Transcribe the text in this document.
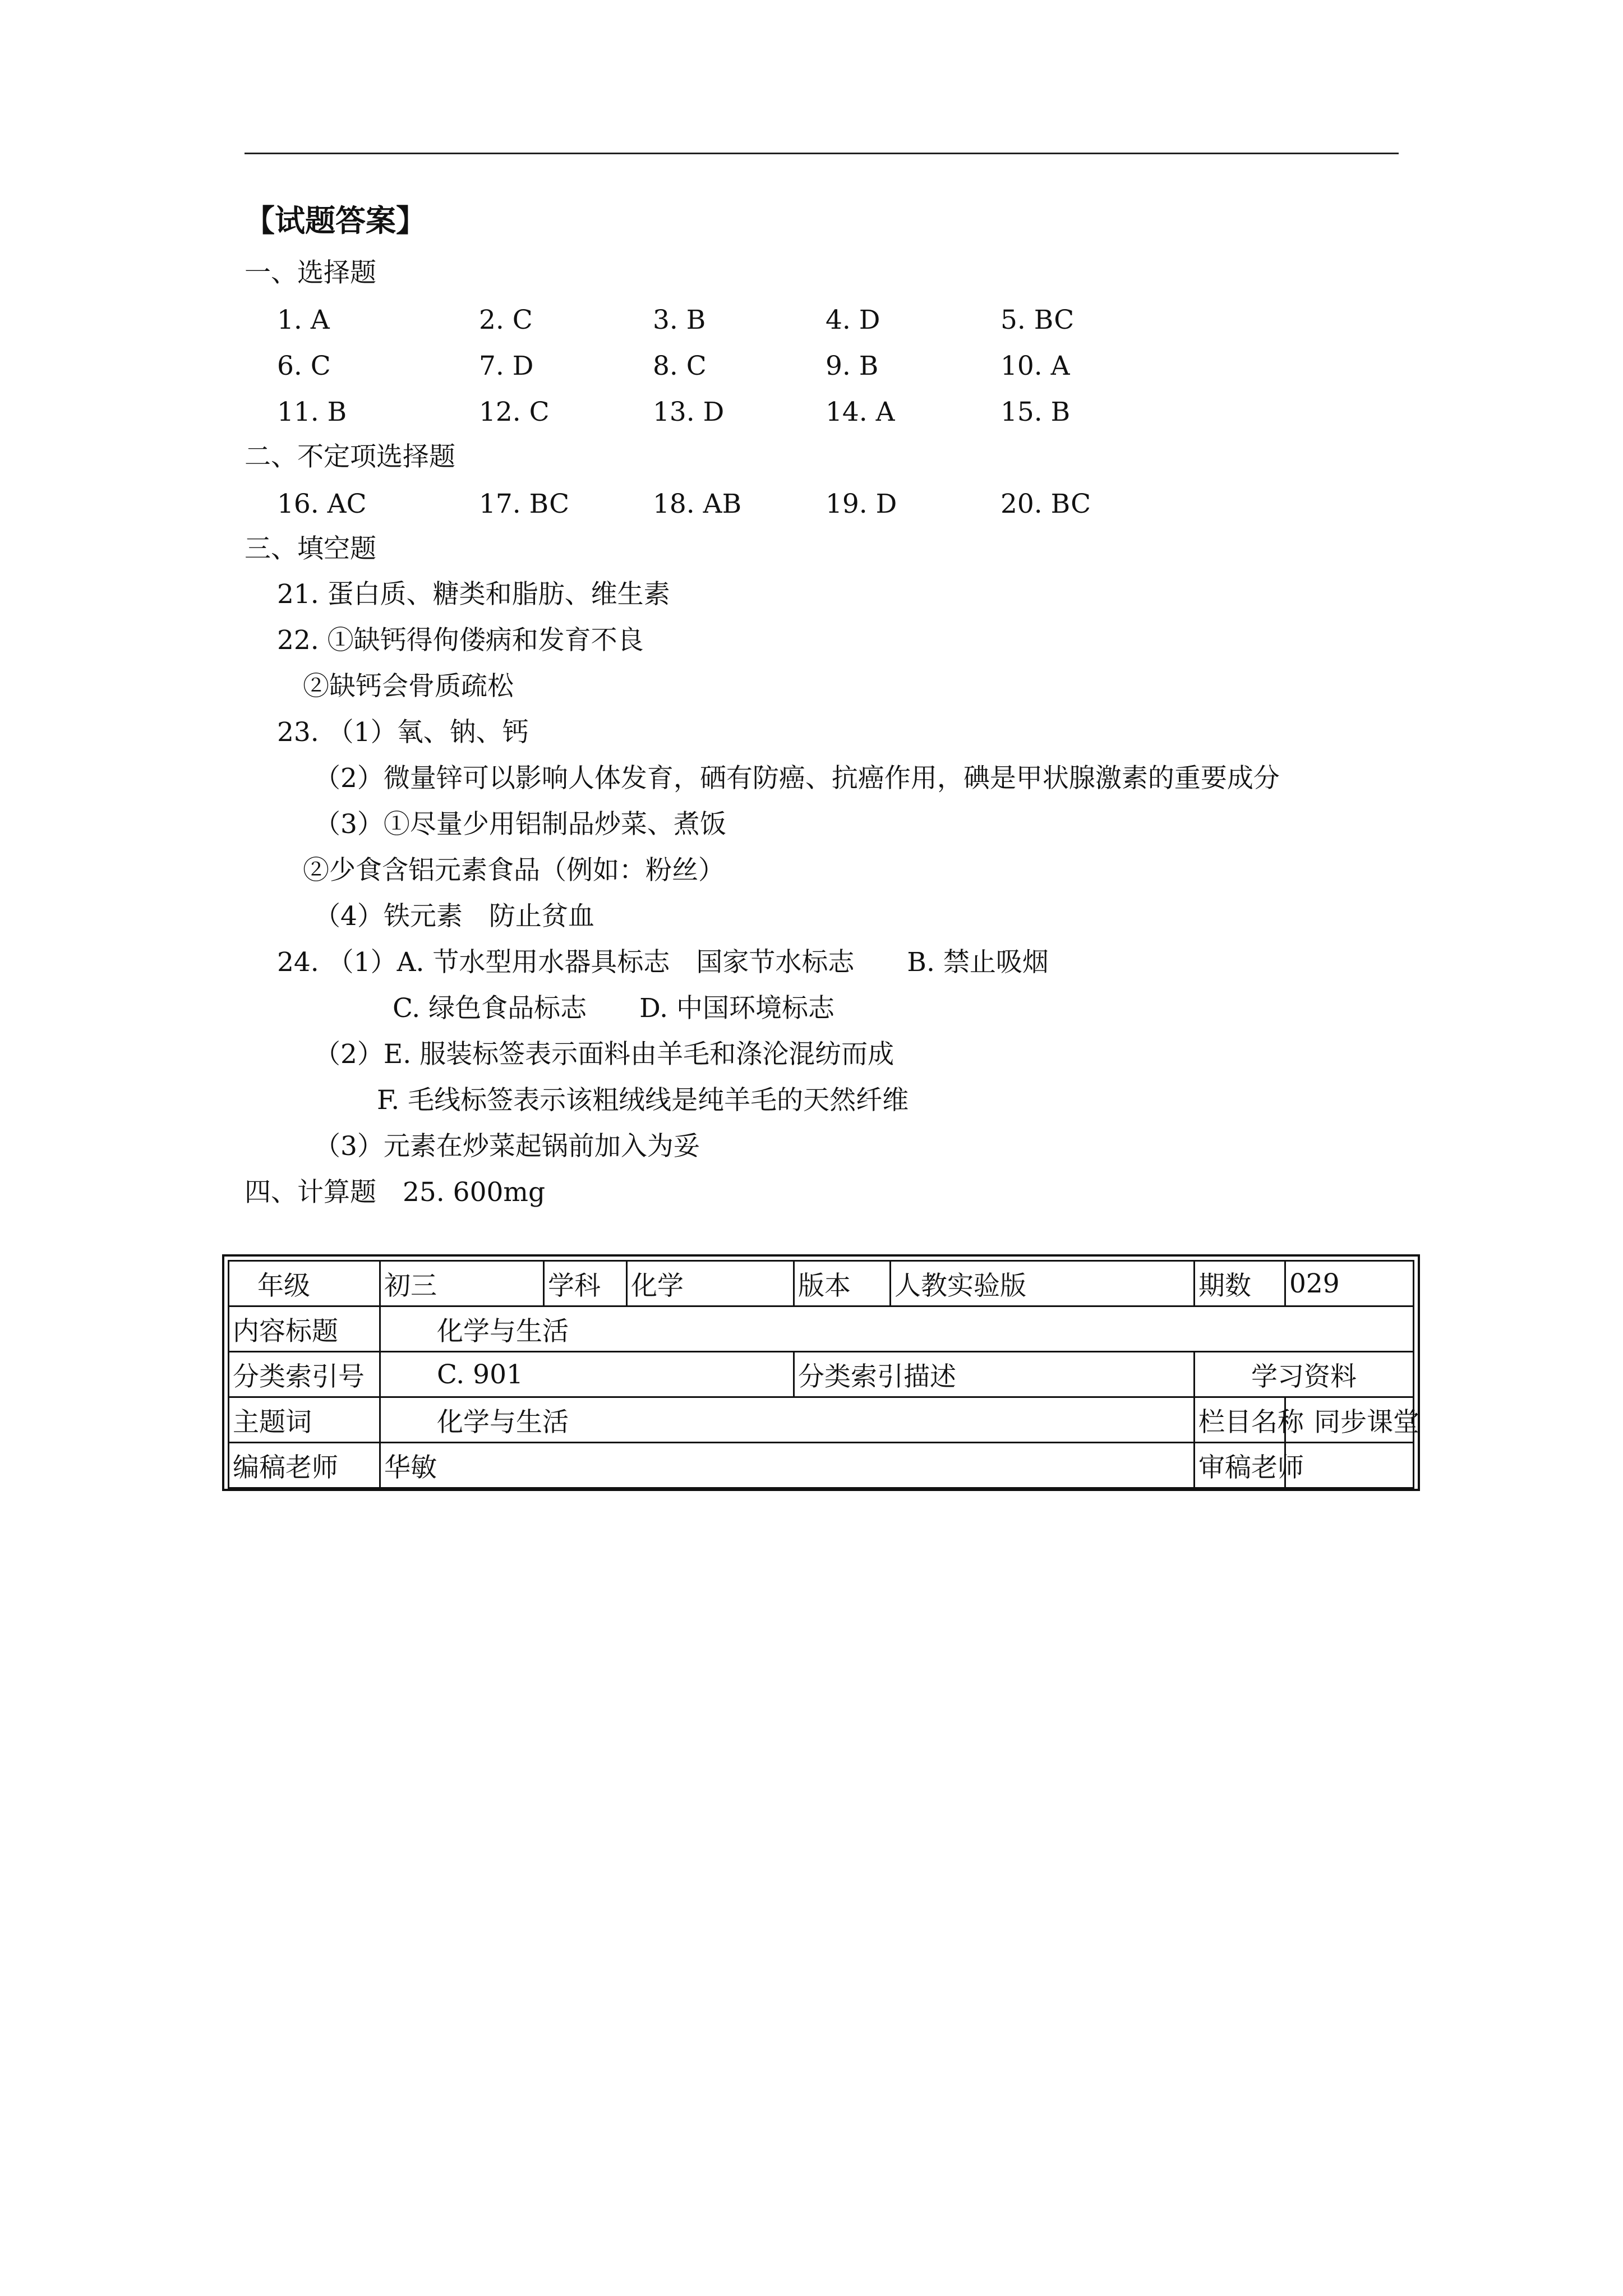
【试题答案】
一、选择题
1. A	2. C	3. B	4. D	5. BC
6. C	7. D	8. C	9. B	10. A
11. B	12. C	13. D	14. A	15. B
二、不定项选择题
16. AC	17. BC	18. AB	19. D	20. BC
三、填空题
21. 蛋白质、糖类和脂肪、维生素
22. ①缺钙得佝偻病和发育不良
②缺钙会骨质疏松
23. （1）氧、钠、钙
（2）微量锌可以影响人体发育，硒有防癌、抗癌作用，碘是甲状腺激素的重要成分
（3）①尽量少用铝制品炒菜、煮饭
②少食含铝元素食品（例如：粉丝）
（4）铁元素　防止贫血
24. （1）A. 节水型用水器具标志　国家节水标志　　B. 禁止吸烟
C. 绿色食品标志　　D. 中国环境标志
（2）E. 服装标签表示面料由羊毛和涤沦混纺而成
F. 毛线标签表示该粗绒线是纯羊毛的天然纤维
（3）元素在炒菜起锅前加入为妥
四、计算题　25. 600mg
年级	初三	学科	化学	版本	人教实验版	期数	029
内容标题	化学与生活						
分类索引号	C. 901			分类索引描述		学习资料	
主题词	化学与生活					栏目名称	同步课堂
编稿老师	华敏					审稿老师	
